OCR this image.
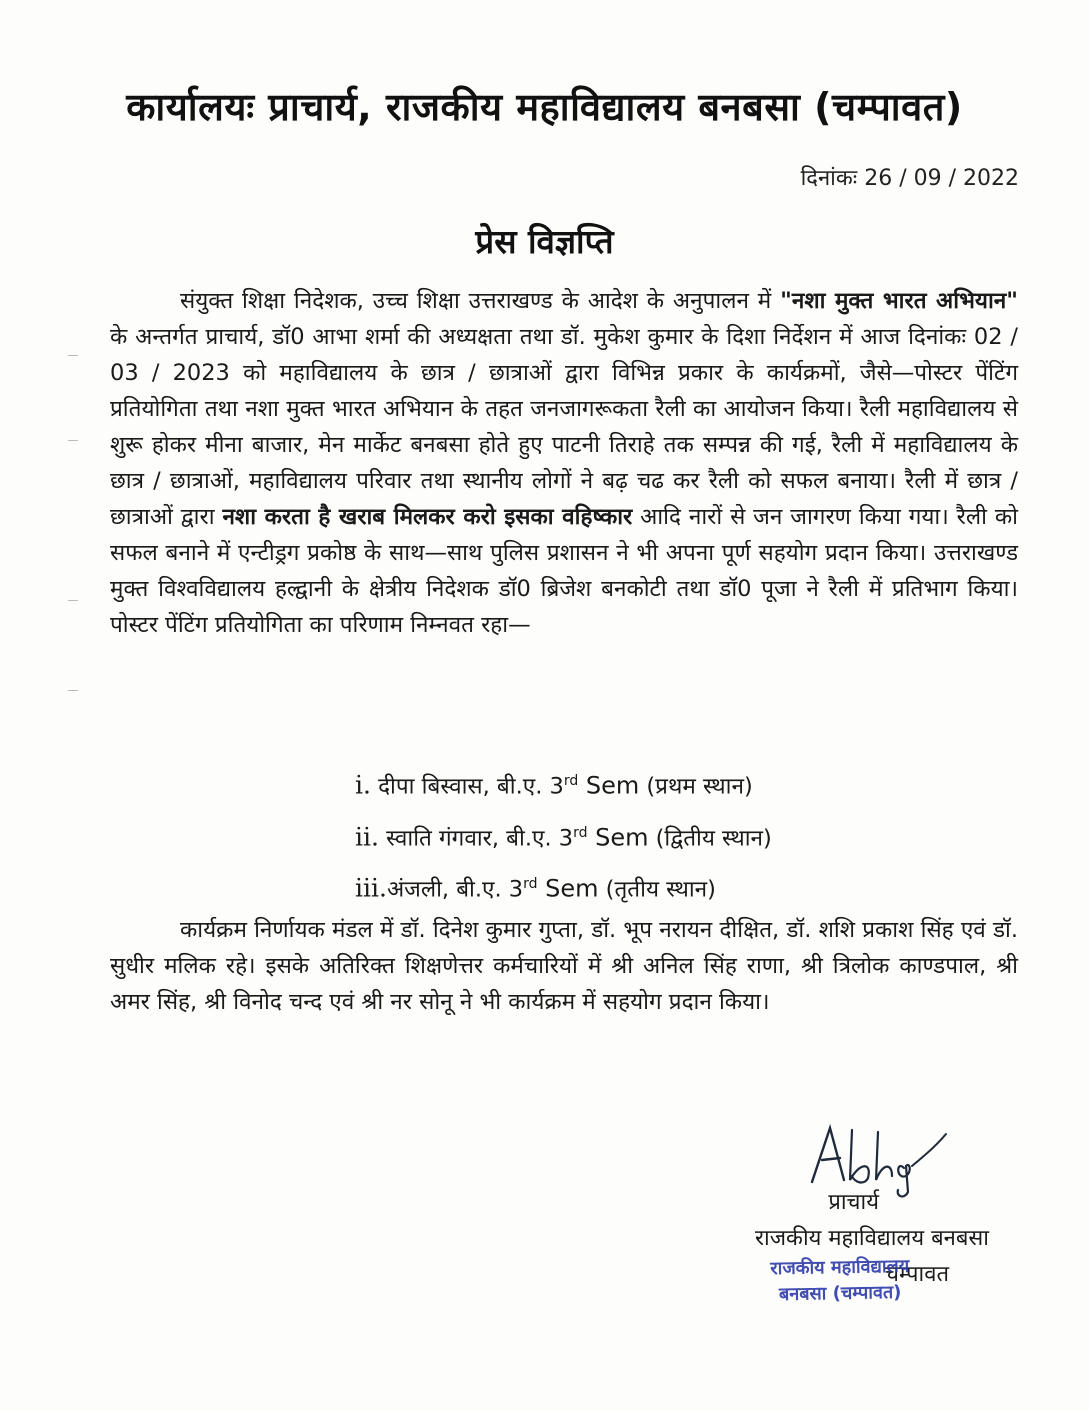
कार्यालयः प्राचार्य, राजकीय महाविद्यालय बनबसा (चम्पावत)
दिनांकः 26 / 09 / 2022
प्रेस विज्ञप्ति
संयुक्त शिक्षा निदेशक, उच्च शिक्षा उत्तराखण्ड के आदेश के अनुपालन में "नशा मुक्त भारत अभियान" के अन्तर्गत प्राचार्य, डॉ0 आभा शर्मा की अध्यक्षता तथा डॉ. मुकेश कुमार के दिशा निर्देशन में आज दिनांकः 02 / 03 / 2023 को महाविद्यालय के छात्र / छात्राओं द्वारा विभिन्न प्रकार के कार्यक्रमों, जैसे—पोस्टर पेंटिंग प्रतियोगिता तथा नशा मुक्त भारत अभियान के तहत जनजागरूकता रैली का आयोजन किया। रैली महाविद्यालय से शुरू होकर मीना बाजार, मेन मार्केट बनबसा होते हुए पाटनी तिराहे तक सम्पन्न की गई, रैली में महाविद्यालय के छात्र / छात्राओं, महाविद्यालय परिवार तथा स्थानीय लोगों ने बढ़ चढ कर रैली को सफल बनाया। रैली में छात्र / छात्राओं द्वारा नशा करता है खराब मिलकर करो इसका वहिष्कार आदि नारों से जन जागरण किया गया। रैली को सफल बनाने में एन्टीड्रग प्रकोष्ठ के साथ—साथ पुलिस प्रशासन ने भी अपना पूर्ण सहयोग प्रदान किया। उत्तराखण्ड मुक्त विश्वविद्यालय हल्द्वानी के क्षेत्रीय निदेशक डॉ0 ब्रिजेश बनकोटी तथा डॉ0 पूजा ने रैली में प्रतिभाग किया। पोस्टर पेंटिंग प्रतियोगिता का परिणाम निम्नवत रहा—
i. दीपा बिस्वास, बी.ए. 3rd Sem (प्रथम स्थान)
ii. स्वाति गंगवार, बी.ए. 3rd Sem (द्वितीय स्थान)
iii.अंजली, बी.ए. 3rd Sem (तृतीय स्थान)
कार्यक्रम निर्णायक मंडल में डॉ. दिनेश कुमार गुप्ता, डॉ. भूप नरायन दीक्षित, डॉ. शशि प्रकाश सिंह एवं डॉ. सुधीर मलिक रहे। इसके अतिरिक्त शिक्षणेत्तर कर्मचारियों में श्री अनिल सिंह राणा, श्री त्रिलोक काण्डपाल, श्री अमर सिंह, श्री विनोद चन्द एवं श्री नर सोनू ने भी कार्यक्रम में सहयोग प्रदान किया।
प्राचार्य
राजकीय महाविद्यालय बनबसा
चम्पावत
राजकीय महाविद्यालय
बनबसा (चम्पावत)
